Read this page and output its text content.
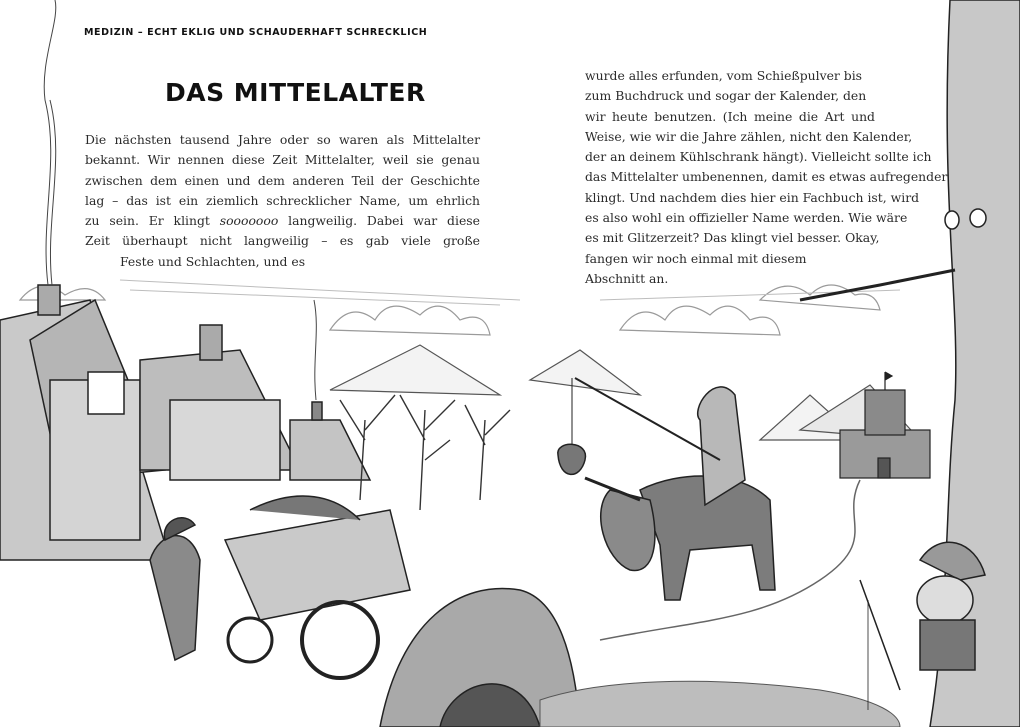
MEDIZIN – ECHT EKLIG UND SCHAUDERHAFT SCHRECKLICH
DAS MITTELALTER
Die nächsten tausend Jahre oder so waren als Mittelalter
bekannt. Wir nennen diese Zeit Mittelalter, weil sie genau
zwischen dem einen und dem anderen Teil der Geschichte
lag – das ist ein ziemlich schrecklicher Name, um ehrlich
zu sein. Er klingt sooooooo langweilig. Dabei war diese
Zeit überhaupt nicht langweilig – es gab viele große
Feste und Schlachten, und es
wurde alles erfunden, vom Schießpulver bis
zum Buchdruck und sogar der Kalender, den
wir heute benutzen. (Ich meine die Art und
Weise, wie wir die Jahre zählen, nicht den Kalender,
der an deinem Kühlschrank hängt). Vielleicht sollte ich
das Mittelalter umbenennen, damit es etwas aufregender
klingt. Und nachdem dies hier ein Fachbuch ist, wird
es also wohl ein offizieller Name werden. Wie wäre
es mit Glitzerzeit? Das klingt viel besser. Okay,
fangen wir noch einmal mit diesem
Abschnitt an.
